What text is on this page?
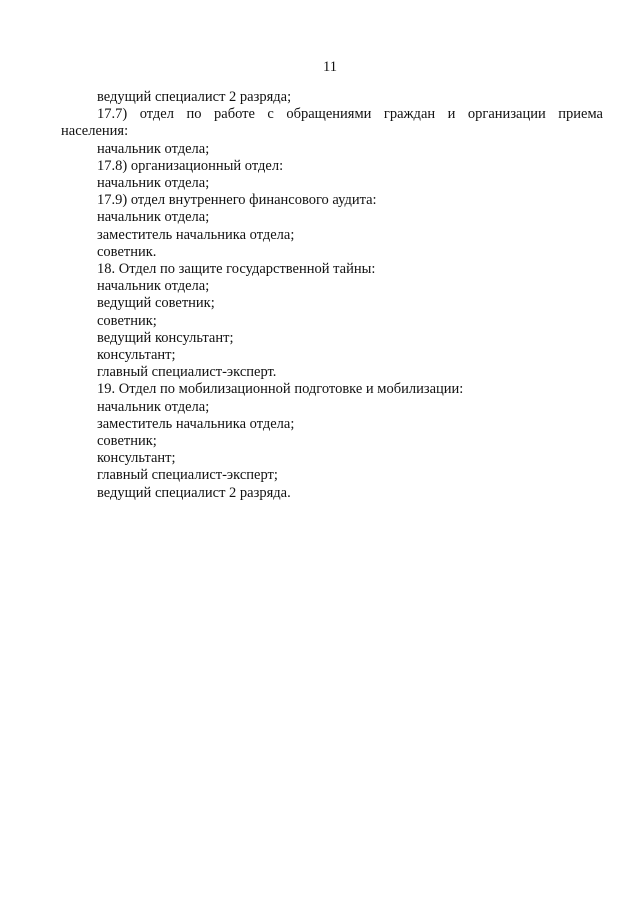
11
ведущий специалист 2 разряда;
17.7) отдел по работе с обращениями граждан и организации приема населения:
начальник отдела;
17.8) организационный отдел:
начальник отдела;
17.9) отдел внутреннего финансового аудита:
начальник отдела;
заместитель начальника отдела;
советник.
18. Отдел по защите государственной тайны:
начальник отдела;
ведущий советник;
советник;
ведущий консультант;
консультант;
главный специалист-эксперт.
19. Отдел по мобилизационной подготовке и мобилизации:
начальник отдела;
заместитель начальника отдела;
советник;
консультант;
главный специалист-эксперт;
ведущий специалист 2 разряда.
